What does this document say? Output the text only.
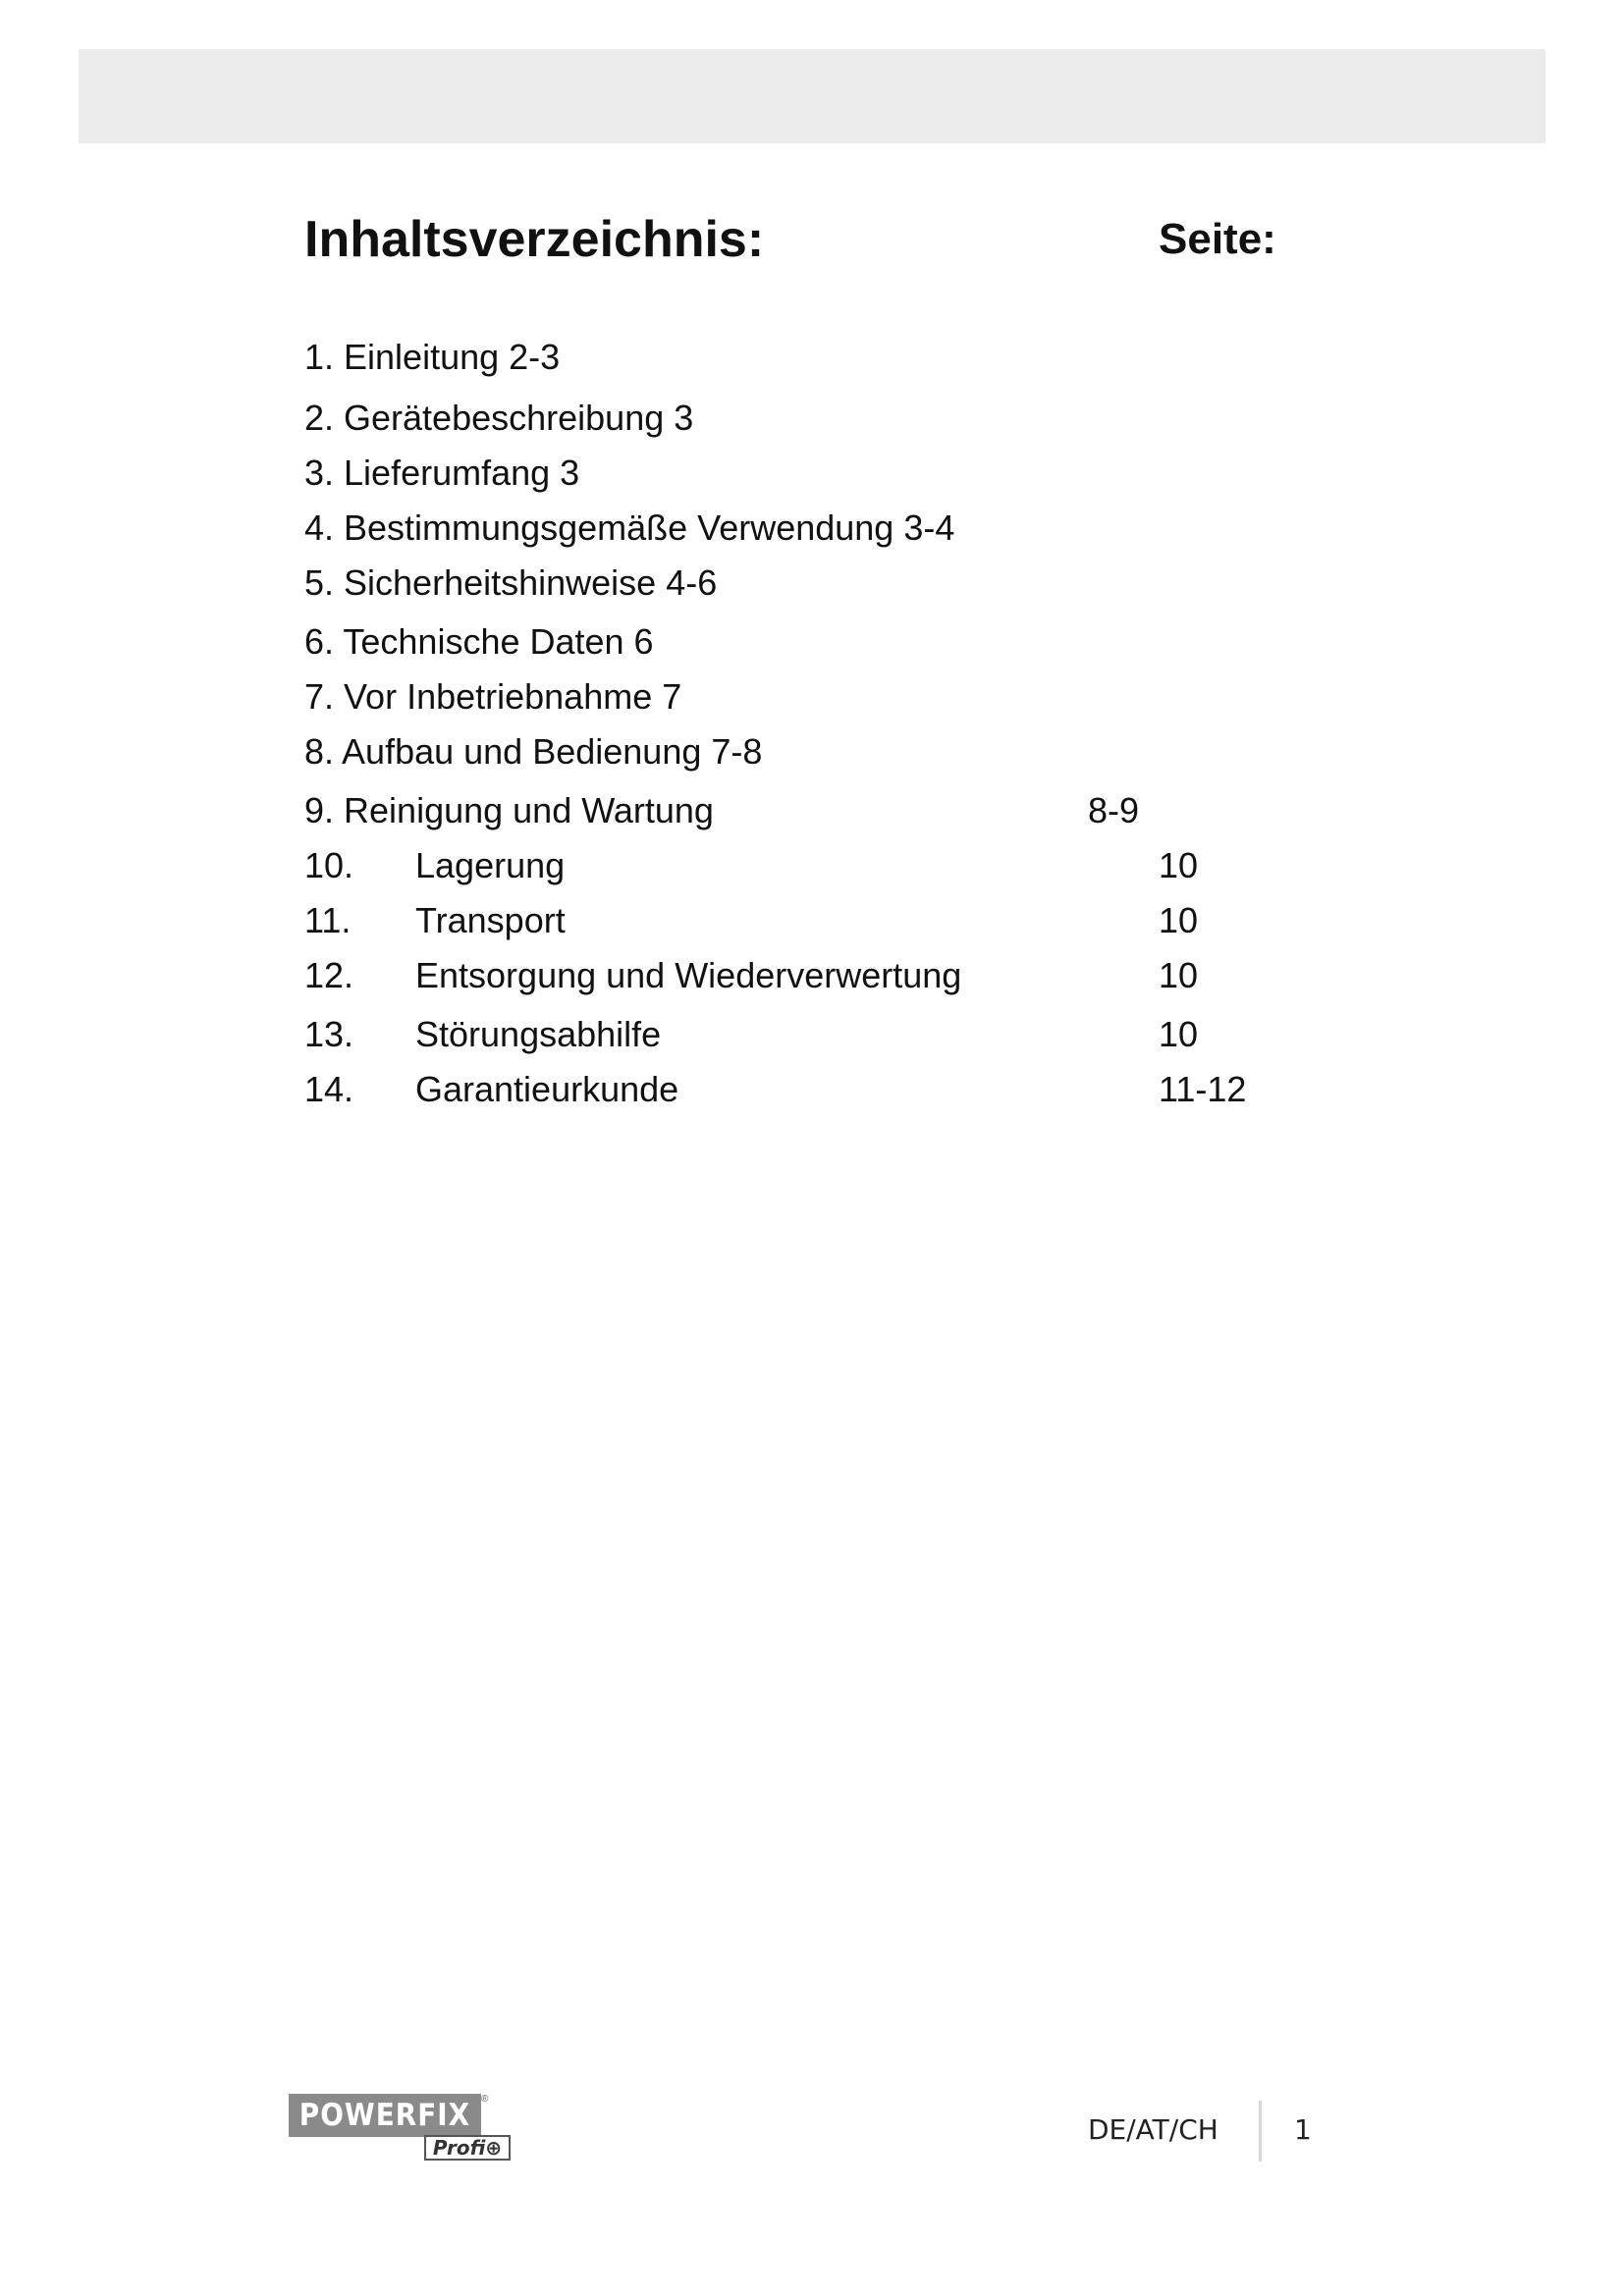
Inhaltsverzeichnis:	Seite:
1. Einleitung 2-3
2. Gerätebeschreibung 3
3. Lieferumfang 3
4. Bestimmungsgemäße Verwendung 3-4
5. Sicherheitshinweise 4-6
6. Technische Daten 6
7. Vor Inbetriebnahme 7
8. Aufbau und Bedienung 7-8
9. Reinigung und Wartung	8-9
10. Lagerung	10
11. Transport	10
12. Entsorgung und Wiederverwertung	10
13. Störungsabhilfe	10
14. Garantieurkunde	11-12
POWERFIX	®
Profi⊕
DE/AT/CH	1
